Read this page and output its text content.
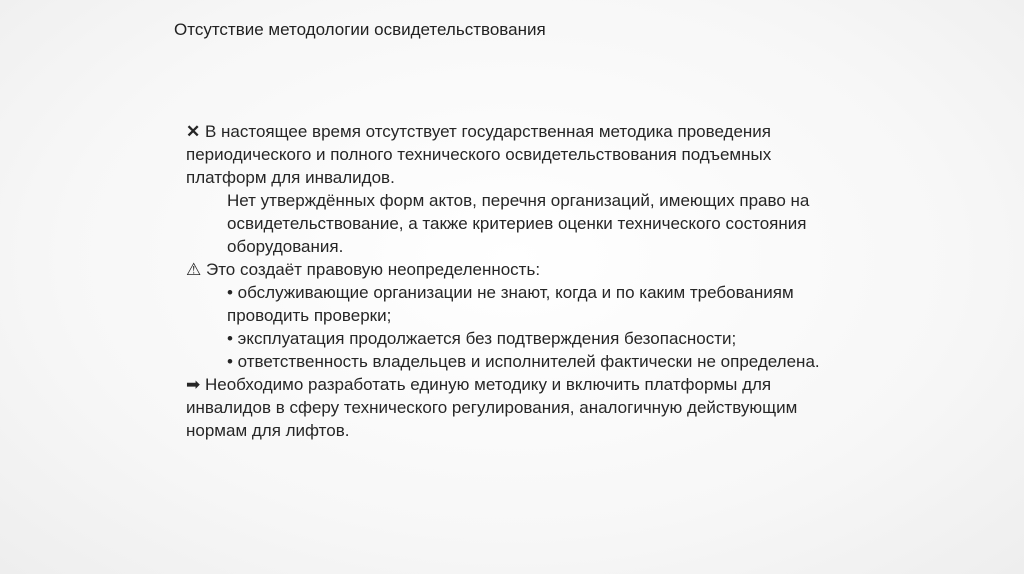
Отсутствие методологии освидетельствования

✕ В настоящее время отсутствует государственная методика проведения периодического и полного технического освидетельствования подъемных платформ для инвалидов.

Нет утверждённых форм актов, перечня организаций, имеющих право на освидетельствование, а также критериев оценки технического состояния оборудования.

⚠ Это создаёт правовую неопределенность:

• обслуживающие организации не знают, когда и по каким требованиям проводить проверки;

• эксплуатация продолжается без подтверждения безопасности;

• ответственность владельцев и исполнителей фактически не определена.

➡ Необходимо разработать единую методику и включить платформы для инвалидов в сферу технического регулирования, аналогичную действующим нормам для лифтов.
